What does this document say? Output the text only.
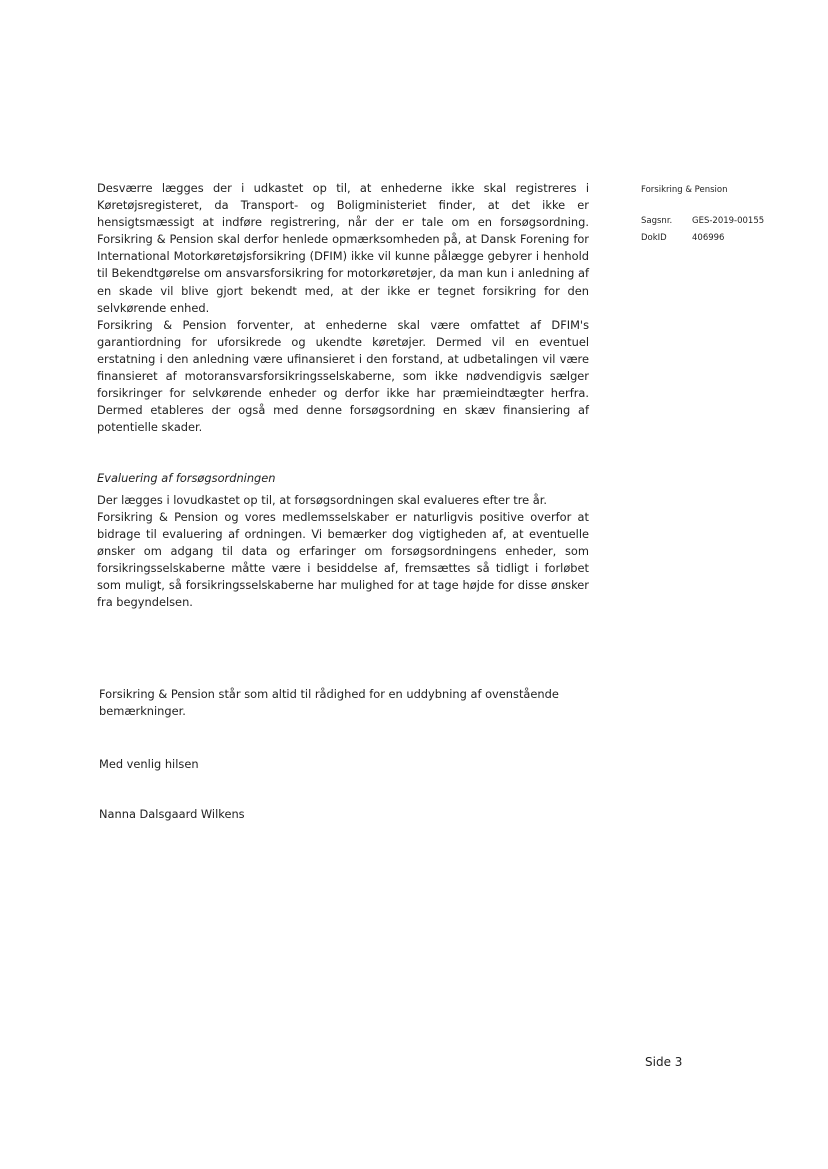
Forsikring & Pension
Sagsnr.	GES-2019-00155
DokID	406996

Desværre lægges der i udkastet op til, at enhederne ikke skal registreres i Køretøjsregisteret, da Transport- og Boligministeriet finder, at det ikke er hensigtsmæssigt at indføre registrering, når der er tale om en forsøgsordning. Forsikring & Pension skal derfor henlede opmærksomheden på, at Dansk Forening for International Motorkøretøjsforsikring (DFIM) ikke vil kunne pålægge gebyrer i henhold til Bekendtgørelse om ansvarsforsikring for motorkøretøjer, da man kun i anledning af en skade vil blive gjort bekendt med, at der ikke er tegnet forsikring for den selvkørende enhed.

Forsikring & Pension forventer, at enhederne skal være omfattet af DFIM's garantiordning for uforsikrede og ukendte køretøjer. Dermed vil en eventuel erstatning i den anledning være ufinansieret i den forstand, at udbetalingen vil være finansieret af motoransvarsforsikringsselskaberne, som ikke nødvendigvis sælger forsikringer for selvkørende enheder og derfor ikke har præmieindtægter herfra. Dermed etableres der også med denne forsøgsordning en skæv finansiering af potentielle skader.

Evaluering af forsøgsordningen

Der lægges i lovudkastet op til, at forsøgsordningen skal evalueres efter tre år.

Forsikring & Pension og vores medlemsselskaber er naturligvis positive overfor at bidrage til evaluering af ordningen. Vi bemærker dog vigtigheden af, at eventuelle ønsker om adgang til data og erfaringer om forsøgsordningens enheder, som forsikringsselskaberne måtte være i besiddelse af, fremsættes så tidligt i forløbet som muligt, så forsikringsselskaberne har mulighed for at tage højde for disse ønsker fra begyndelsen.

Forsikring & Pension står som altid til rådighed for en uddybning af ovenstående bemærkninger.

Med venlig hilsen

Nanna Dalsgaard Wilkens

Side 3
